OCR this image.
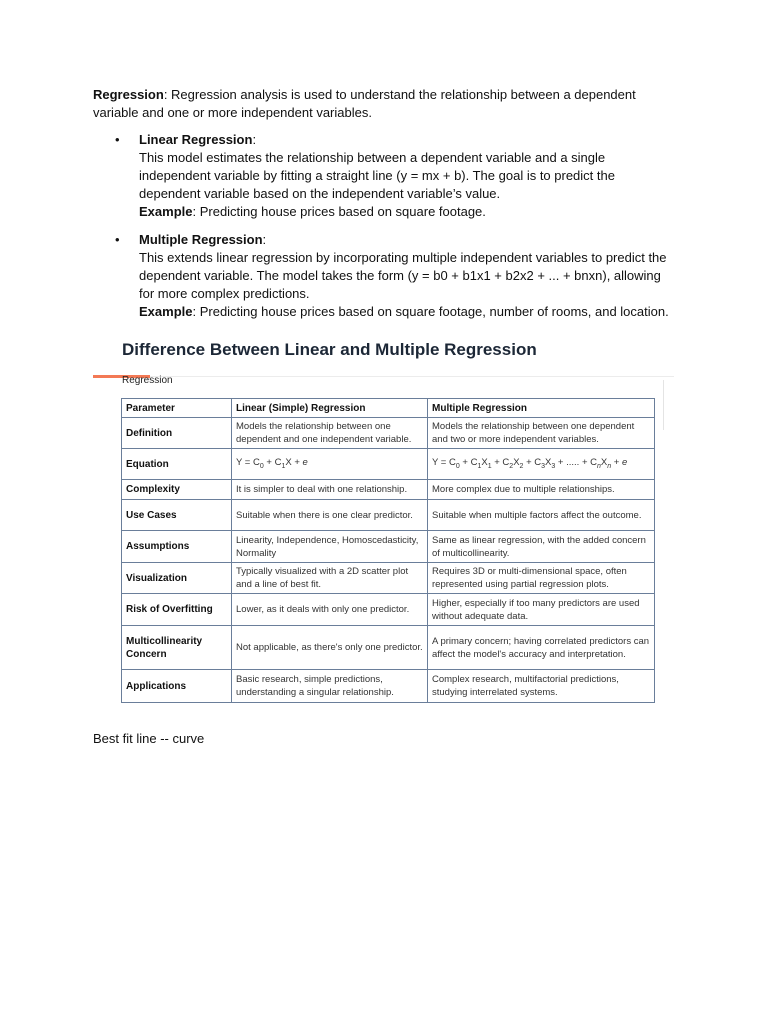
Regression: Regression analysis is used to understand the relationship between a dependent variable and one or more independent variables.

• Linear Regression:
This model estimates the relationship between a dependent variable and a single
independent variable by fitting a straight line (y = mx + b). The goal is to predict the
dependent variable based on the independent variable’s value.
Example: Predicting house prices based on square footage.
• Multiple Regression:
This extends linear regression by incorporating multiple independent variables to predict the
dependent variable. The model takes the form (y = b0 + b1x1 + b2x2 + ... + bnxn), allowing
for more complex predictions.
Example: Predicting house prices based on square footage, number of rooms, and location.
Difference Between Linear and Multiple Regression
Regression
Parameter	Linear (Simple) Regression	Multiple Regression
Definition	Models the relationship between one dependent and one independent variable.	Models the relationship between one dependent and two or more independent variables.
Equation	$Y = C_0 + C_1X + e$	$Y = C_0 + C_1X_1 + C_2X_2 + C_3X_3$ + ..... + $C_nX_n + e$
Complexity	It is simpler to deal with one relationship.	More complex due to multiple relationships.
Use Cases	Suitable when there is one clear predictor.	Suitable when multiple factors affect the outcome.
Assumptions	Linearity, Independence, Homoscedasticity, Normality	Same as linear regression, with the added concern of multicollinearity.
Visualization	Typically visualized with a 2D scatter plot and a line of best fit.	Requires 3D or multi-dimensional space, often represented using partial regression plots.
Risk of Overfitting	Lower, as it deals with only one predictor.	Higher, especially if too many predictors are used without adequate data.
Multicollinearity Concern	Not applicable, as there's only one predictor.	A primary concern; having correlated predictors can affect the model's accuracy and interpretation.
Applications	Basic research, simple predictions, understanding a singular relationship.	Complex research, multifactorial predictions, studying interrelated systems.
Best fit line -- curve
